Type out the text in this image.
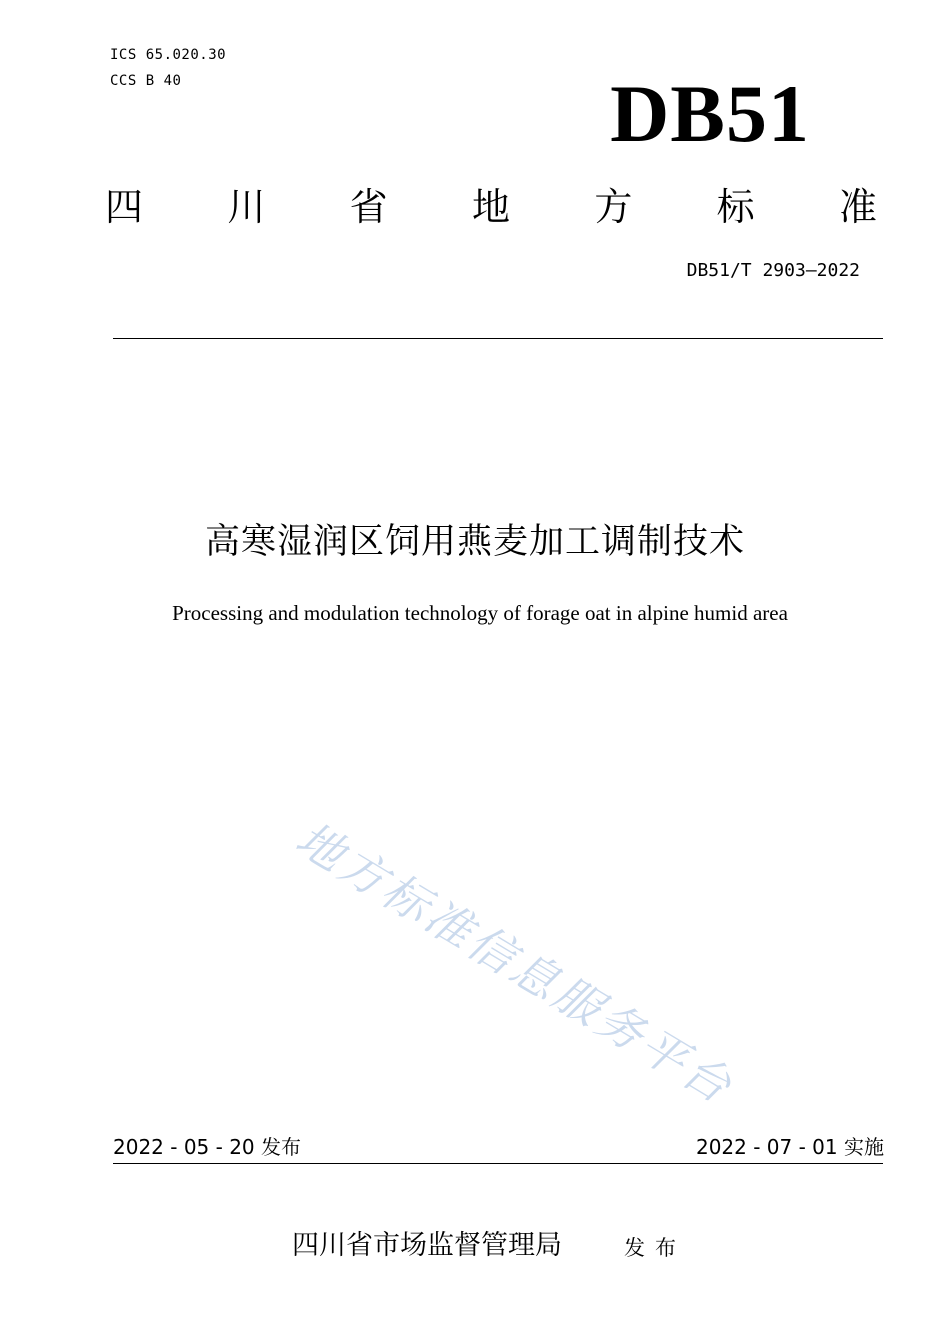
ICS 65.020.30
CCS B 40	DB51
四 川 省 地 方 标 准
DB51/T 2903—2022
高寒湿润区饲用燕麦加工调制技术
Processing and modulation technology of forage oat in alpine humid area
地方标准信息服务平台
2022 - 05 - 20 发布	2022 - 07 - 01 实施
四川省市场监督管理局	发布
